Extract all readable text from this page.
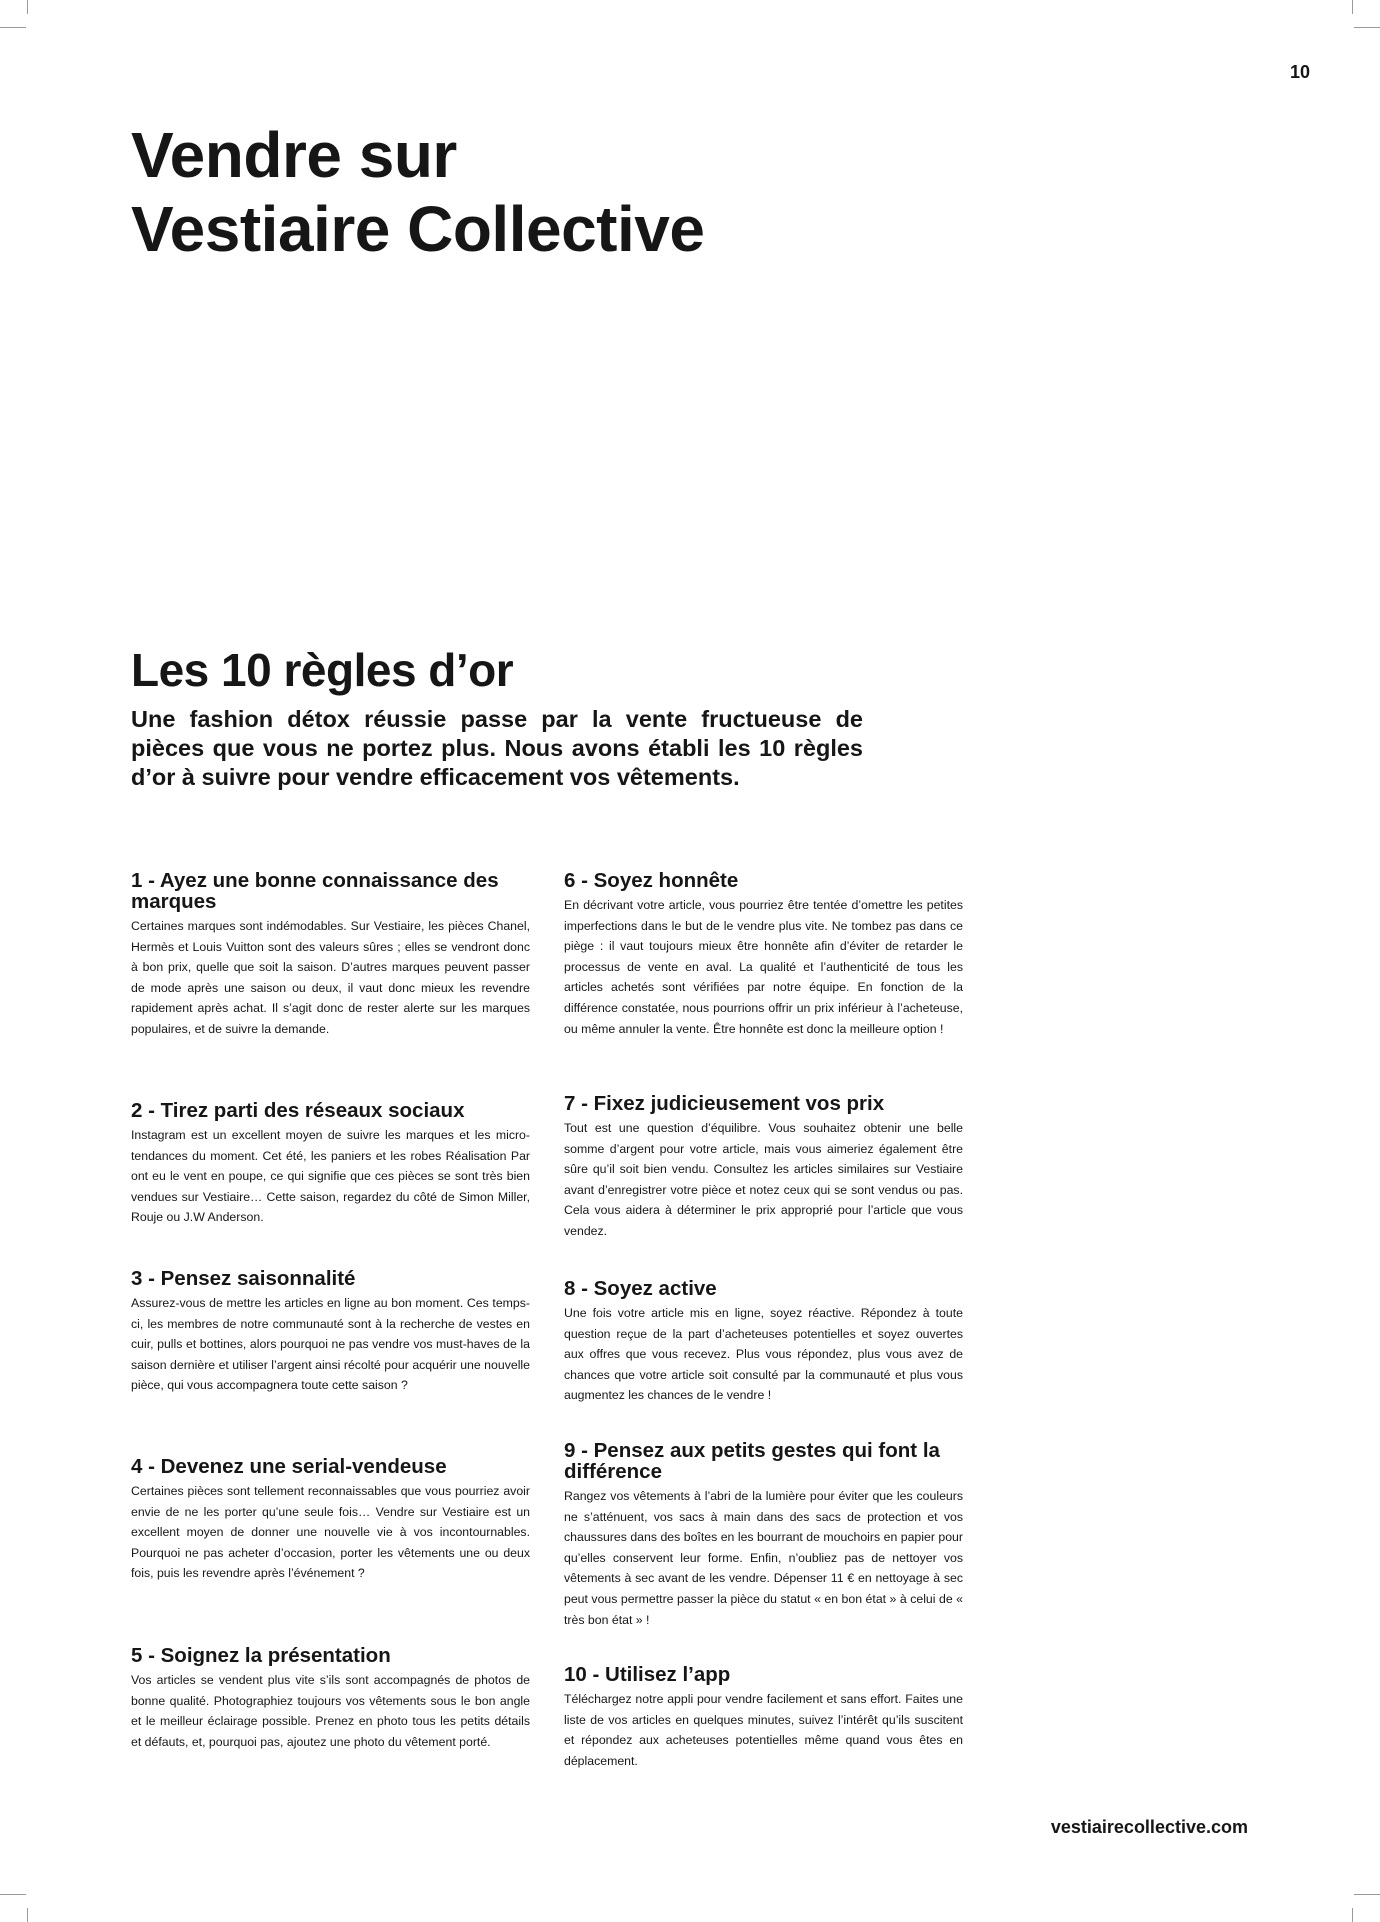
10
Vendre sur
Vestiaire Collective
Les 10 règles d’or

Une fashion détox réussie passe par la vente fructueuse de pièces que vous ne portez plus. Nous avons établi les 10 règles d’or à suivre pour vendre efficacement vos vêtements.

1 - Ayez une bonne connaissance des marques

Certaines marques sont indémodables. Sur Vestiaire, les pièces Chanel, Hermès et Louis Vuitton sont des valeurs sûres ; elles se vendront donc à bon prix, quelle que soit la saison. D’autres marques peuvent passer de mode après une saison ou deux, il vaut donc mieux les revendre rapidement après achat. Il s’agit donc de rester alerte sur les marques populaires, et de suivre la demande.

2 - Tirez parti des réseaux sociaux

Instagram est un excellent moyen de suivre les marques et les micro-tendances du moment. Cet été, les paniers et les robes Réalisation Par ont eu le vent en poupe, ce qui signifie que ces pièces se sont très bien vendues sur Vestiaire… Cette saison, regardez du côté de Simon Miller, Rouje ou J.W Anderson.

3 - Pensez saisonnalité

Assurez-vous de mettre les articles en ligne au bon moment. Ces temps-ci, les membres de notre communauté sont à la recherche de vestes en cuir, pulls et bottines, alors pourquoi ne pas vendre vos must-haves de la saison dernière et utiliser l’argent ainsi récolté pour acquérir une nouvelle pièce, qui vous accompagnera toute cette saison ?

4 - Devenez une serial-vendeuse

Certaines pièces sont tellement reconnaissables que vous pourriez avoir envie de ne les porter qu’une seule fois… Vendre sur Vestiaire est un excellent moyen de donner une nouvelle vie à vos incontournables. Pourquoi ne pas acheter d’occasion, porter les vêtements une ou deux fois, puis les revendre après l’événement ?

5 - Soignez la présentation

Vos articles se vendent plus vite s’ils sont accompagnés de photos de bonne qualité. Photographiez toujours vos vêtements sous le bon angle et le meilleur éclairage possible. Prenez en photo tous les petits détails et défauts, et, pourquoi pas, ajoutez une photo du vêtement porté.

6 - Soyez honnête

En décrivant votre article, vous pourriez être tentée d’omettre les petites imperfections dans le but de le vendre plus vite. Ne tombez pas dans ce piège : il vaut toujours mieux être honnête afin d’éviter de retarder le processus de vente en aval. La qualité et l’authenticité de tous les articles achetés sont vérifiées par notre équipe. En fonction de la différence constatée, nous pourrions offrir un prix inférieur à l’acheteuse, ou même annuler la vente. Être honnête est donc la meilleure option !

7 - Fixez judicieusement vos prix

Tout est une question d’équilibre. Vous souhaitez obtenir une belle somme d’argent pour votre article, mais vous aimeriez également être sûre qu’il soit bien vendu. Consultez les articles similaires sur Vestiaire avant d’enregistrer votre pièce et notez ceux qui se sont vendus ou pas. Cela vous aidera à déterminer le prix approprié pour l’article que vous vendez.

8 - Soyez active

Une fois votre article mis en ligne, soyez réactive. Répondez à toute question reçue de la part d’acheteuses potentielles et soyez ouvertes aux offres que vous recevez. Plus vous répondez, plus vous avez de chances que votre article soit consulté par la communauté et plus vous augmentez les chances de le vendre !

9 - Pensez aux petits gestes qui font la différence

Rangez vos vêtements à l’abri de la lumière pour éviter que les couleurs ne s’atténuent, vos sacs à main dans des sacs de protection et vos chaussures dans des boîtes en les bourrant de mouchoirs en papier pour qu’elles conservent leur forme. Enfin, n’oubliez pas de nettoyer vos vêtements à sec avant de les vendre. Dépenser 11 € en nettoyage à sec peut vous permettre passer la pièce du statut « en bon état » à celui de « très bon état » !

10 - Utilisez l’app

Téléchargez notre appli pour vendre facilement et sans effort. Faites une liste de vos articles en quelques minutes, suivez l’intérêt qu’ils suscitent et répondez aux acheteuses potentielles même quand vous êtes en déplacement.

vestiairecollective.com
